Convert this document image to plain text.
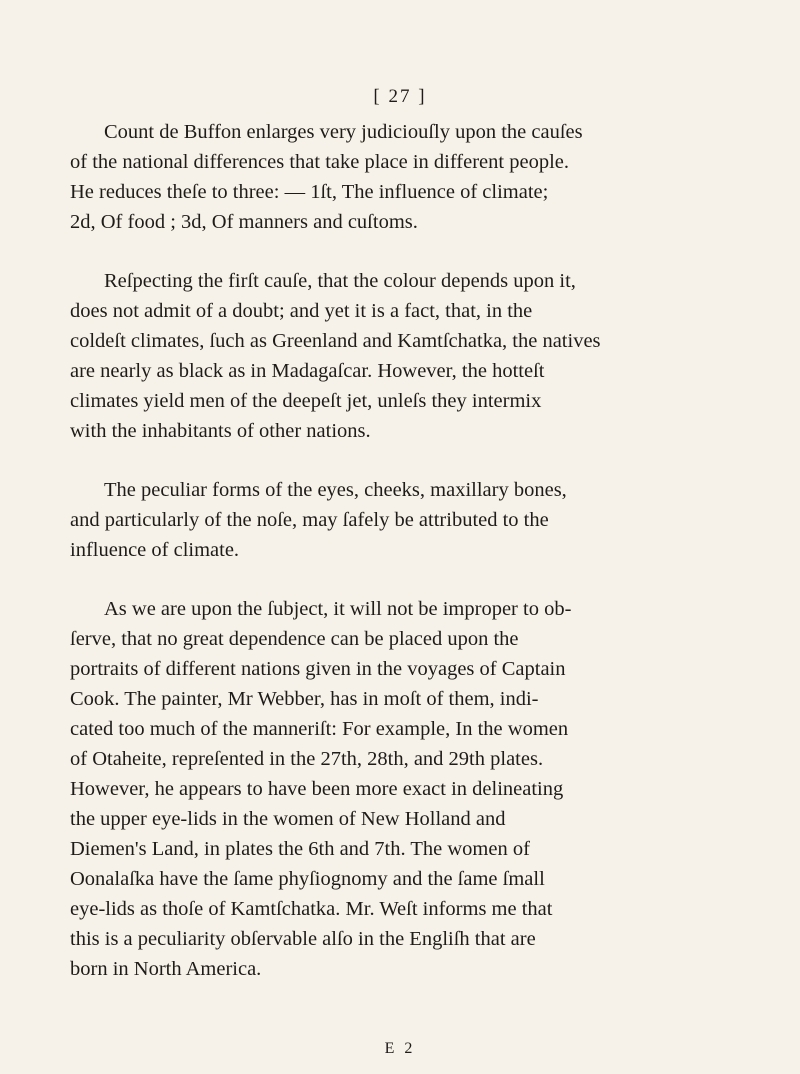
[ 27 ]
Count de Buffon enlarges very judiciouſly upon the cauſes
of the national differences that take place in different people.
He reduces theſe to three: — 1ſt, The influence of climate;
2d, Of food ; 3d, Of manners and cuſtoms.
Reſpecting the firſt cauſe, that the colour depends upon it,
does not admit of a doubt; and yet it is a fact, that, in the
coldeſt climates, ſuch as Greenland and Kamtſchatka, the natives
are nearly as black as in Madagaſcar. However, the hotteſt
climates yield men of the deepeſt jet, unleſs they intermix
with the inhabitants of other nations.
The peculiar forms of the eyes, cheeks, maxillary bones,
and particularly of the noſe, may ſafely be attributed to the
influence of climate.
As we are upon the ſubject, it will not be improper to ob-
ſerve, that no great dependence can be placed upon the
portraits of different nations given in the voyages of Captain
Cook. The painter, Mr Webber, has in moſt of them, indi-
cated too much of the manneriſt: For example, In the women
of Otaheite, repreſented in the 27th, 28th, and 29th plates.
However, he appears to have been more exact in delineating
the upper eye-lids in the women of New Holland and
Diemen's Land, in plates the 6th and 7th. The women of
Oonalaſka have the ſame phyſiognomy and the ſame ſmall
eye-lids as thoſe of Kamtſchatka. Mr. Weſt informs me that
this is a peculiarity obſervable alſo in the Engliſh that are
born in North America.
E 2
